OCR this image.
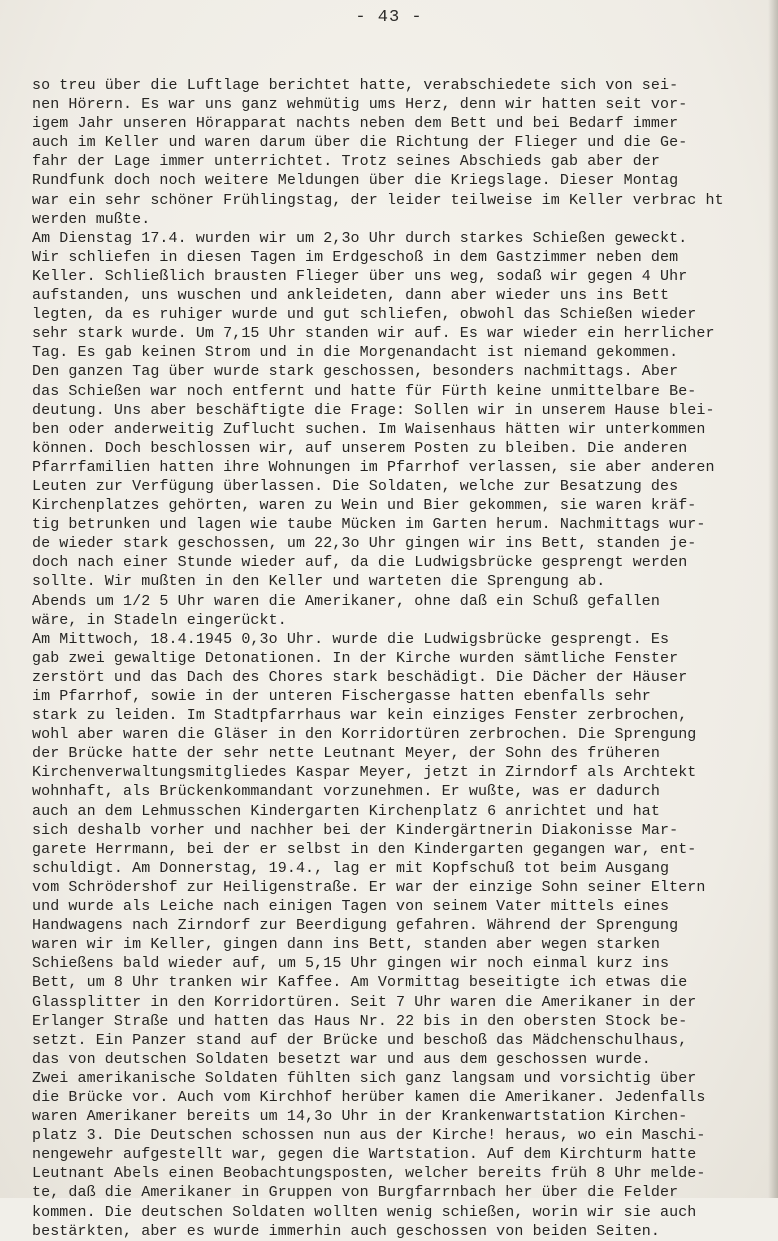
- 43 -
so treu über die Luftlage berichtet hatte, verabschiedete sich von sei-
nen Hörern. Es war uns ganz wehmütig ums Herz, denn wir hatten seit vor-
igem Jahr unseren Hörapparat nachts neben dem Bett und bei Bedarf immer
auch im Keller und waren darum über die Richtung der Flieger und die Ge-
fahr der Lage immer unterrichtet. Trotz seines Abschieds gab aber der
Rundfunk doch noch weitere Meldungen über die Kriegslage. Dieser Montag
war ein sehr schöner Frühlingstag, der leider teilweise im Keller verbrac ht
werden mußte.
Am Dienstag 17.4. wurden wir um 2,3o Uhr durch starkes Schießen geweckt.
Wir schliefen in diesen Tagen im Erdgeschoß in dem Gastzimmer neben dem
Keller. Schließlich brausten Flieger über uns weg, sodaß wir gegen 4 Uhr
aufstanden, uns wuschen und ankleideten, dann aber wieder uns ins Bett
legten, da es ruhiger wurde und gut schliefen, obwohl das Schießen wieder
sehr stark wurde. Um 7,15 Uhr standen wir auf. Es war wieder ein herrlicher
Tag. Es gab keinen Strom und in die Morgenandacht ist niemand gekommen.
Den ganzen Tag über wurde stark geschossen, besonders nachmittags. Aber
das Schießen war noch entfernt und hatte für Fürth keine unmittelbare Be-
deutung. Uns aber beschäftigte die Frage: Sollen wir in unserem Hause blei-
ben oder anderweitig Zuflucht suchen. Im Waisenhaus hätten wir unterkommen
können. Doch beschlossen wir, auf unserem Posten zu bleiben. Die anderen
Pfarrfamilien hatten ihre Wohnungen im Pfarrhof verlassen, sie aber anderen
Leuten zur Verfügung überlassen. Die Soldaten, welche zur Besatzung des
Kirchenplatzes gehörten, waren zu Wein und Bier gekommen, sie waren kräf-
tig betrunken und lagen wie taube Mücken im Garten herum. Nachmittags wur-
de wieder stark geschossen, um 22,3o Uhr gingen wir ins Bett, standen je-
doch nach einer Stunde wieder auf, da die Ludwigsbrücke gesprengt werden
sollte. Wir mußten in den Keller und warteten die Sprengung ab.
Abends um 1/2 5 Uhr waren die Amerikaner, ohne daß ein Schuß gefallen
wäre, in Stadeln eingerückt.
Am Mittwoch, 18.4.1945 0,3o Uhr. wurde die Ludwigsbrücke gesprengt. Es
gab zwei gewaltige Detonationen. In der Kirche wurden sämtliche Fenster
zerstört und das Dach des Chores stark beschädigt. Die Dächer der Häuser
im Pfarrhof, sowie in der unteren Fischergasse hatten ebenfalls sehr
stark zu leiden. Im Stadtpfarrhaus war kein einziges Fenster zerbrochen,
wohl aber waren die Gläser in den Korridortüren zerbrochen. Die Sprengung
der Brücke hatte der sehr nette Leutnant Meyer, der Sohn des früheren
Kirchenverwaltungsmitgliedes Kaspar Meyer, jetzt in Zirndorf als Archtekt
wohnhaft, als Brückenkommandant vorzunehmen. Er wußte, was er dadurch
auch an dem Lehmusschen Kindergarten Kirchenplatz 6 anrichtet und hat
sich deshalb vorher und nachher bei der Kindergärtnerin Diakonisse Mar-
garete Herrmann, bei der er selbst in den Kindergarten gegangen war, ent-
schuldigt. Am Donnerstag, 19.4., lag er mit Kopfschuß tot beim Ausgang
vom Schrödershof zur Heiligenstraße. Er war der einzige Sohn seiner Eltern
und wurde als Leiche nach einigen Tagen von seinem Vater mittels eines
Handwagens nach Zirndorf zur Beerdigung gefahren. Während der Sprengung
waren wir im Keller, gingen dann ins Bett, standen aber wegen starken
Schießens bald wieder auf, um 5,15 Uhr gingen wir noch einmal kurz ins
Bett, um 8 Uhr tranken wir Kaffee. Am Vormittag beseitigte ich etwas die
Glassplitter in den Korridortüren. Seit 7 Uhr waren die Amerikaner in der
Erlanger Straße und hatten das Haus Nr. 22 bis in den obersten Stock be-
setzt. Ein Panzer stand auf der Brücke und beschoß das Mädchenschulhaus,
das von deutschen Soldaten besetzt war und aus dem geschossen wurde.
Zwei amerikanische Soldaten fühlten sich ganz langsam und vorsichtig über
die Brücke vor. Auch vom Kirchhof herüber kamen die Amerikaner. Jedenfalls
waren Amerikaner bereits um 14,3o Uhr in der Krankenwartstation Kirchen-
platz 3. Die Deutschen schossen nun aus der Kirche! heraus, wo ein Maschi-
nengewehr aufgestellt war, gegen die Wartstation. Auf dem Kirchturm hatte
Leutnant Abels einen Beobachtungsposten, welcher bereits früh 8 Uhr melde-
te, daß die Amerikaner in Gruppen von Burgfarrnbach her über die Felder
kommen. Die deutschen Soldaten wollten wenig schießen, worin wir sie auch
bestärkten, aber es wurde immerhin auch geschossen von beiden Seiten.
